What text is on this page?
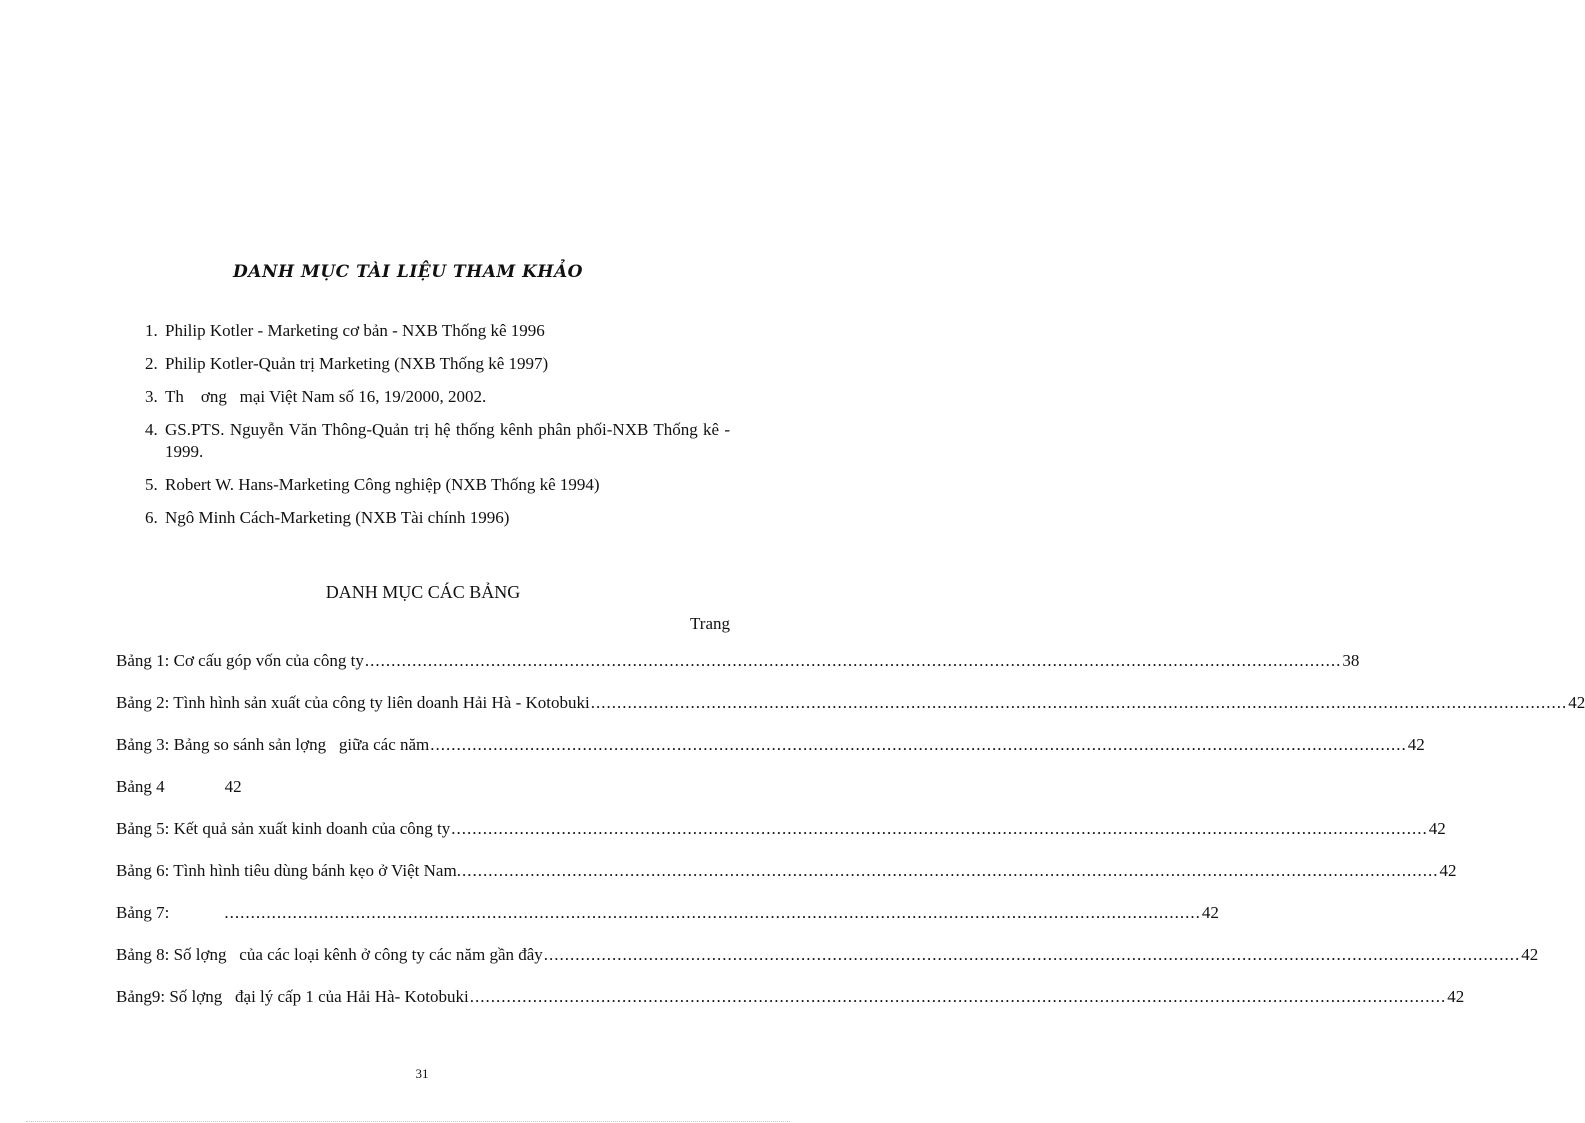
DANH MỤC TÀI LIỆU THAM KHẢO
1. Philip Kotler - Marketing cơ bản - NXB Thống kê 1996
2. Philip Kotler-Quản trị Marketing (NXB Thống kê 1997)
3. Th    ơng   mại Việt Nam số 16, 19/2000, 2002.
4. GS.PTS. Nguyễn Văn Thông-Quản trị hệ thống kênh phân phối-NXB Thống kê - 1999.
5. Robert W. Hans-Marketing Công nghiệp (NXB Thống kê 1994)
6. Ngô Minh Cách-Marketing (NXB Tài chính 1996)
DANH MỤC CÁC BẢNG
Trang
Bảng 1: Cơ cấu góp vốn của công ty .....	38
Bảng 2: Tình hình sản xuất của công ty liên doanh Hải Hà - Kotobuki .....	42
Bảng 3: Bảng so sánh sản lợng   giữa các năm .....	42
Bảng 4	42
Bảng 5: Kết quả sản xuất kinh doanh của công ty .....	42
Bảng 6: Tình hình tiêu dùng bánh kẹo ở Việt Nam. .....	42
Bảng 7: .....	42
Bảng 8: Số lợng   của các loại kênh ở công ty các năm gần đây .....	42
Bảng9: Số lợng   đại lý cấp 1 của Hải Hà- Kotobuki .....	42
31
